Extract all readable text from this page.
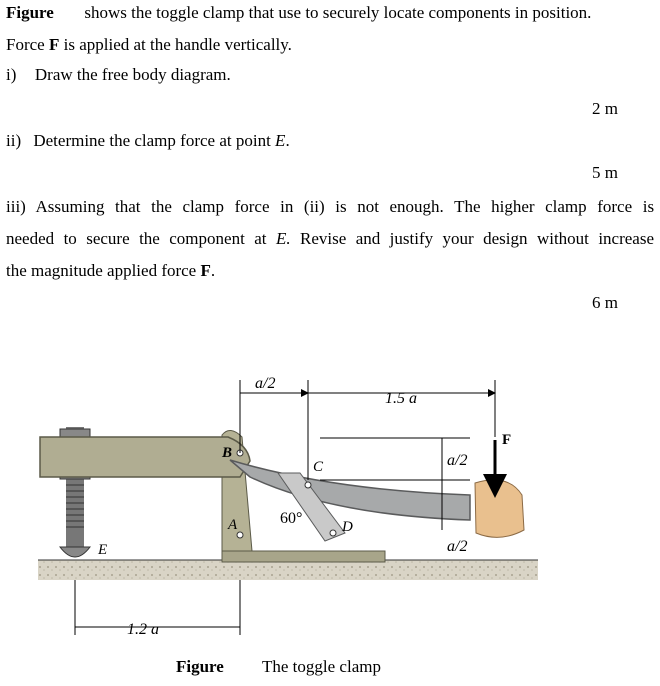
Figure shows the toggle clamp that use to securely locate components in position.
Force F is applied at the handle vertically.
i) Draw the free body diagram.
2 m
ii) Determine the clamp force at point E.
5 m
iii) Assuming that the clamp force in (ii) is not enough. The higher clamp force is
needed to secure the component at E. Revise and justify your design without increase
the magnitude applied force F.
6 m
a/2
1.5 a
a/2
a/2
1.2 a
60°
B
C
D
A
E
F
Figure The toggle clamp
